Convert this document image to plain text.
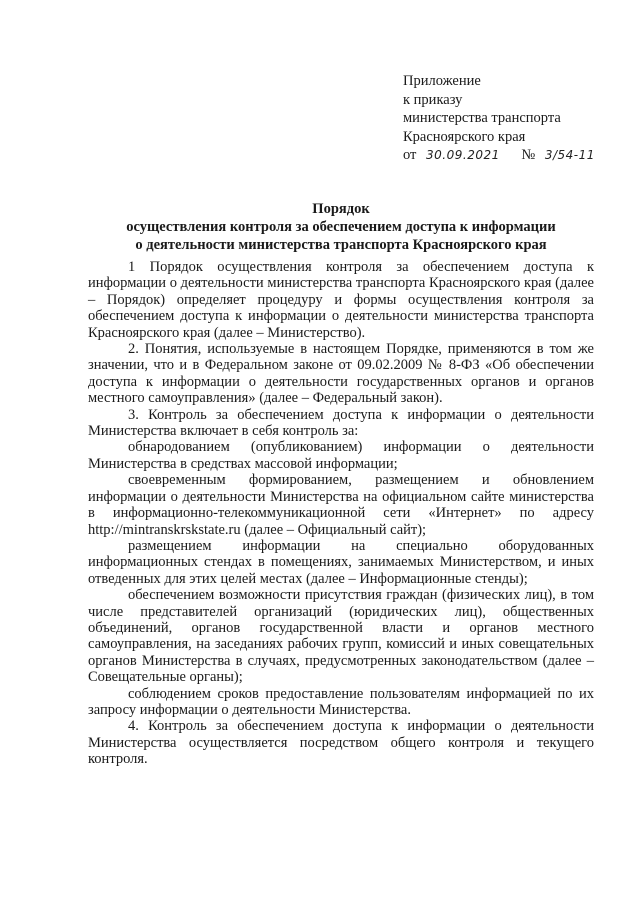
Приложение
к приказу
министерства транспорта
Красноярского края
от 30.09.2021 № 3/54-11
Порядок
осуществления контроля за обеспечением доступа к информации
о деятельности министерства транспорта Красноярского края

1 Порядок осуществления контроля за обеспечением доступа к информации о деятельности министерства транспорта Красноярского края (далее – Порядок) определяет процедуру и формы осуществления контроля за обеспечением доступа к информации о деятельности министерства транспорта Красноярского края (далее – Министерство).

2. Понятия, используемые в настоящем Порядке, применяются в том же значении, что и в Федеральном законе от 09.02.2009 № 8-ФЗ «Об обеспечении доступа к информации о деятельности государственных органов и органов местного самоуправления» (далее – Федеральный закон).

3. Контроль за обеспечением доступа к информации о деятельности Министерства включает в себя контроль за:

обнародованием (опубликованием) информации о деятельности Министерства в средствах массовой информации;

своевременным формированием, размещением и обновлением информации о деятельности Министерства на официальном сайте министерства в информационно-телекоммуникационной сети «Интернет» по адресу http://mintranskrskstate.ru (далее – Официальный сайт);

размещением информации на специально оборудованных информационных стендах в помещениях, занимаемых Министерством, и иных отведенных для этих целей местах (далее – Информационные стенды);

обеспечением возможности присутствия граждан (физических лиц), в том числе представителей организаций (юридических лиц), общественных объединений, органов государственной власти и органов местного самоуправления, на заседаниях рабочих групп, комиссий и иных совещательных органов Министерства в случаях, предусмотренных законодательством (далее – Совещательные органы);

соблюдением сроков предоставление пользователям информацией по их запросу информации о деятельности Министерства.

4. Контроль за обеспечением доступа к информации о деятельности Министерства осуществляется посредством общего контроля и текущего контроля.
